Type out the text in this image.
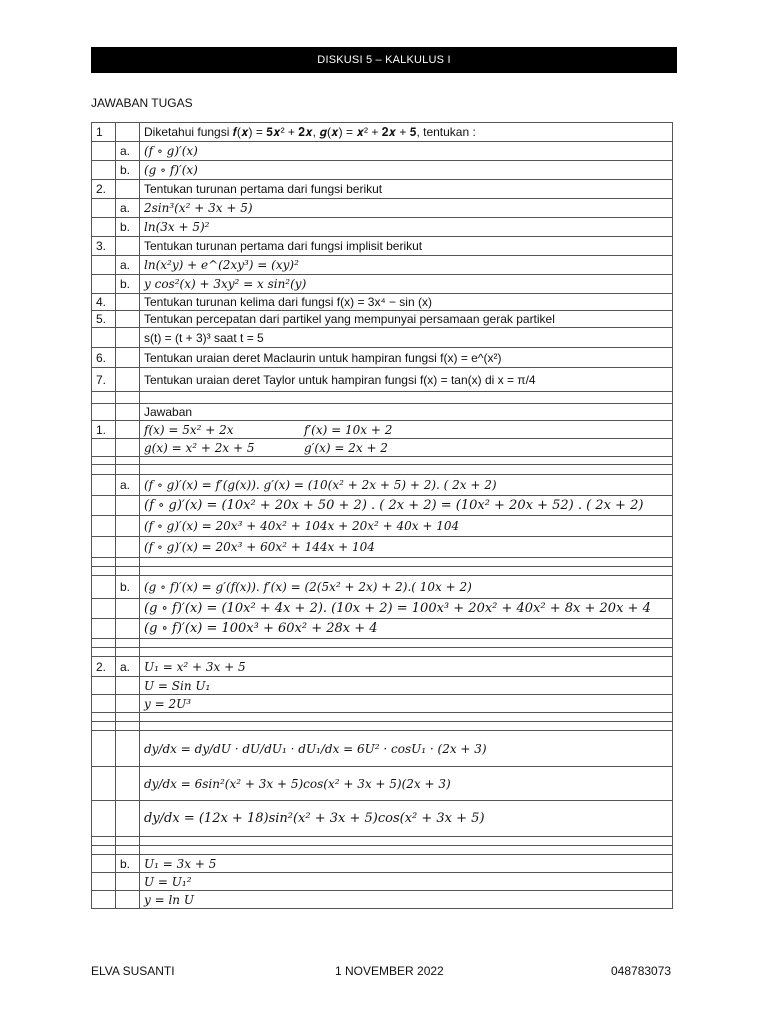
DISKUSI 5 – KALKULUS I
JAWABAN TUGAS
1		Diketahui fungsi 𝒇(𝒙) = 𝟓𝒙² + 𝟐𝒙, 𝒈(𝒙) = 𝒙² + 𝟐𝒙 + 𝟓, tentukan :
	a.	(f ∘ g)′(x)
	b.	(g ∘ f)′(x)
2.		Tentukan turunan pertama dari fungsi berikut
	a.	2sin³(x² + 3x + 5)
	b.	ln(3x + 5)²
3.		Tentukan turunan pertama dari fungsi implisit berikut
	a.	ln(x²y) + e^(2xy³) = (xy)²
	b.	y cos²(x) + 3xy² = x sin²(y)
4.		Tentukan turunan kelima dari fungsi f(x) = 3x⁴ − sin (x)
5.		Tentukan percepatan dari partikel yang mempunyai persamaan gerak partikel
		s(t) = (t + 3)³ saat t = 5
6.		Tentukan uraian deret Maclaurin untuk hampiran fungsi f(x) = e^(x²)
7.		Tentukan uraian deret Taylor untuk hampiran fungsi f(x) = tan(x) di x = π/4

		Jawaban
1.		f(x) = 5x² + 2x f′(x) = 10x + 2
		g(x) = x² + 2x + 5 g′(x) = 2x + 2

	a.	(f ∘ g)′(x) = f′(g(x)). g′(x) = (10(x² + 2x + 5) + 2). ( 2x + 2)
		(f ∘ g)′(x) = (10x² + 20x + 50 + 2) . ( 2x + 2) = (10x² + 20x + 52) . ( 2x + 2)
		(f ∘ g)′(x) = 20x³ + 40x² + 104x + 20x² + 40x + 104
		(f ∘ g)′(x) = 20x³ + 60x² + 144x + 104

	b.	(g ∘ f)′(x) = g′(f(x)). f′(x) = (2(5x² + 2x) + 2).( 10x + 2)
		(g ∘ f)′(x) = (10x² + 4x + 2). (10x + 2) = 100x³ + 20x² + 40x² + 8x + 20x + 4
		(g ∘ f)′(x) = 100x³ + 60x² + 28x + 4

2.	a.	U₁ = x² + 3x + 5
		U = Sin U₁
		y = 2U³

		dy/dx = dy/dU · dU/dU₁ · dU₁/dx = 6U² · cosU₁ · (2x + 3)
		dy/dx = 6sin²(x² + 3x + 5)cos(x² + 3x + 5)(2x + 3)
		dy/dx = (12x + 18)sin²(x² + 3x + 5)cos(x² + 3x + 5)

	b.	U₁ = 3x + 5
		U = U₁²
		y = ln U
ELVA SUSANTI	1 NOVEMBER 2022	048783073
